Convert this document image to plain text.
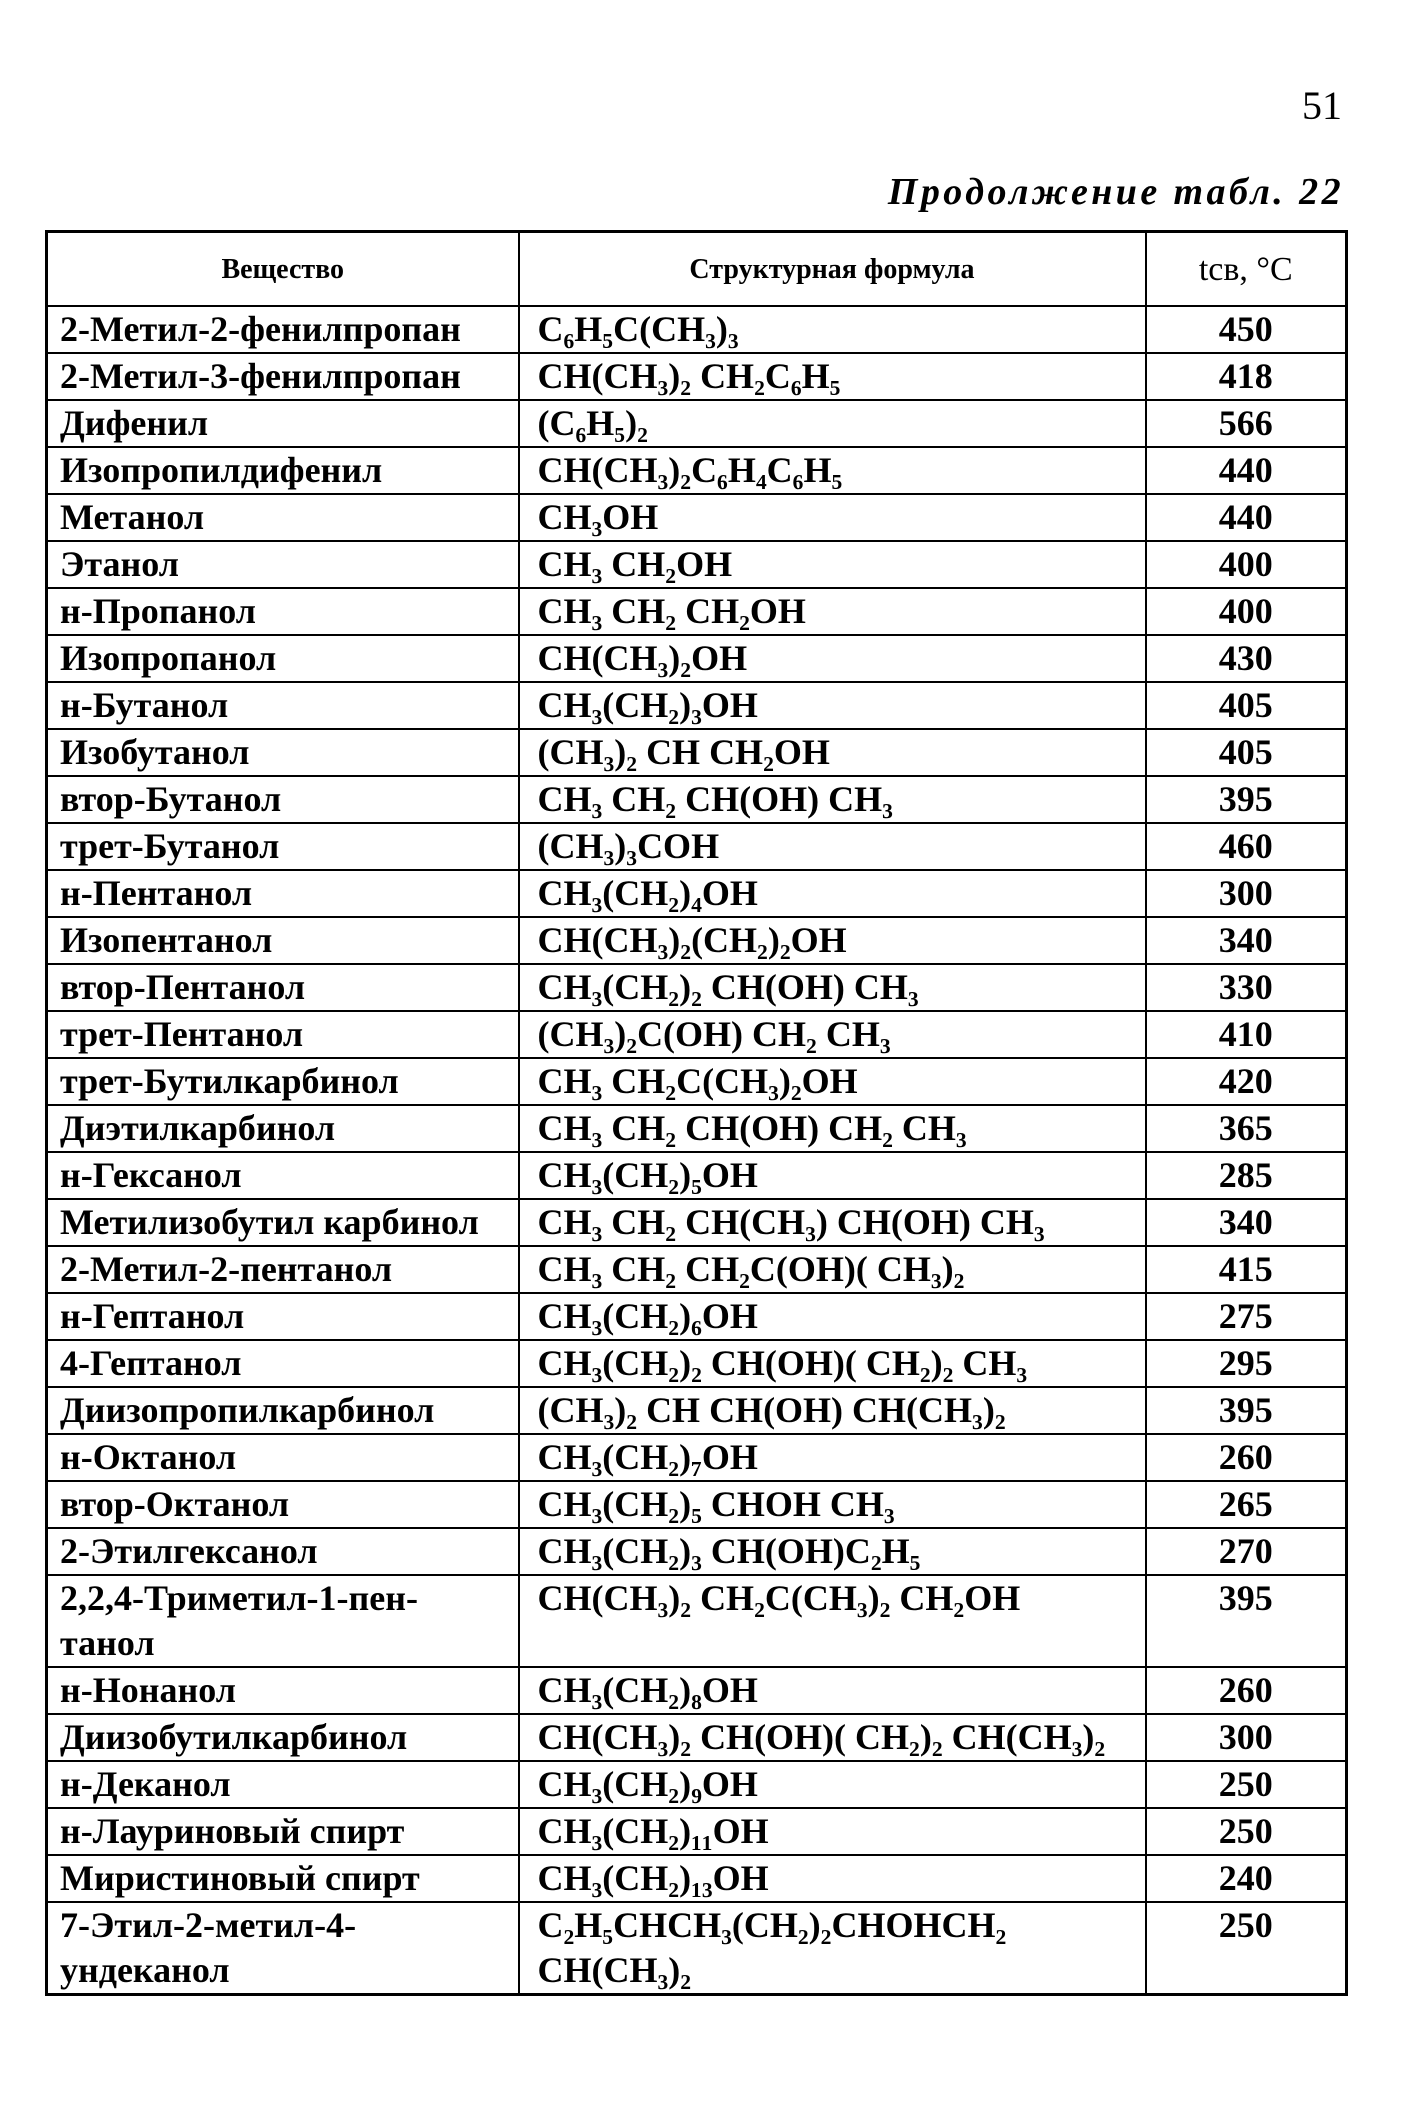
51
Продолжение табл. 22
Вещество	Структурная формула	tсв, °C
2-Метил-2-фенилпропан	C₆H₅C(CH₃)₃	450
2-Метил-3-фенилпропан	CH(CH₃)₂ CH₂C₆H₅	418
Дифенил	(C₆H₅)₂	566
Изопропилдифенил	CH(CH₃)₂C₆H₄C₆H₅	440
Метанол	CH₃OH	440
Этанол	CH₃ CH₂OH	400
н-Пропанол	CH₃ CH₂ CH₂OH	400
Изопропанол	CH(CH₃)₂OH	430
н-Бутанол	CH₃(CH₂)₃OH	405
Изобутанол	(CH₃)₂ CH CH₂OH	405
втор-Бутанол	CH₃ CH₂ CH(OH) CH₃	395
трет-Бутанол	(CH₃)₃COH	460
н-Пентанол	CH₃(CH₂)₄OH	300
Изопентанол	CH(CH₃)₂(CH₂)₂OH	340
втор-Пентанол	CH₃(CH₂)₂ CH(OH) CH₃	330
трет-Пентанол	(CH₃)₂C(OH) CH₂ CH₃	410
трет-Бутилкарбинол	CH₃ CH₂C(CH₃)₂OH	420
Диэтилкарбинол	CH₃ CH₂ CH(OH) CH₂ CH₃	365
н-Гексанол	CH₃(CH₂)₅OH	285
Метилизобутил карбинол	CH₃ CH₂ CH(CH₃) CH(OH) CH₃	340
2-Метил-2-пентанол	CH₃ CH₂ CH₂C(OH)( CH₃)₂	415
н-Гептанол	CH₃(CH₂)₆OH	275
4-Гептанол	CH₃(CH₂)₂ CH(OH)( CH₂)₂ CH₃	295
Диизопропилкарбинол	(CH₃)₂ CH CH(OH) CH(CH₃)₂	395
н-Октанол	CH₃(CH₂)₇OH	260
втор-Октанол	CH₃(CH₂)₅ CHOH CH₃	265
2-Этилгексанол	CH₃(CH₂)₃ CH(OH)C₂H₅	270
2,2,4-Триметил-1-пен-
танол	CH(CH₃)₂ CH₂C(CH₃)₂ CH₂OH	395
н-Нонанол	CH₃(CH₂)₈OH	260
Диизобутилкарбинол	CH(CH₃)₂ CH(OH)( CH₂)₂ CH(CH₃)₂	300
н-Деканол	CH₃(CH₂)₉OH	250
н-Лауриновый спирт	CH₃(CH₂)₁₁OH	250
Миристиновый спирт	CH₃(CH₂)₁₃OH	240
7-Этил-2-метил-4-
ундеканол	C₂H₅CHCH₃(CH₂)₂CHOHCH₂
CH(CH₃)₂	250
